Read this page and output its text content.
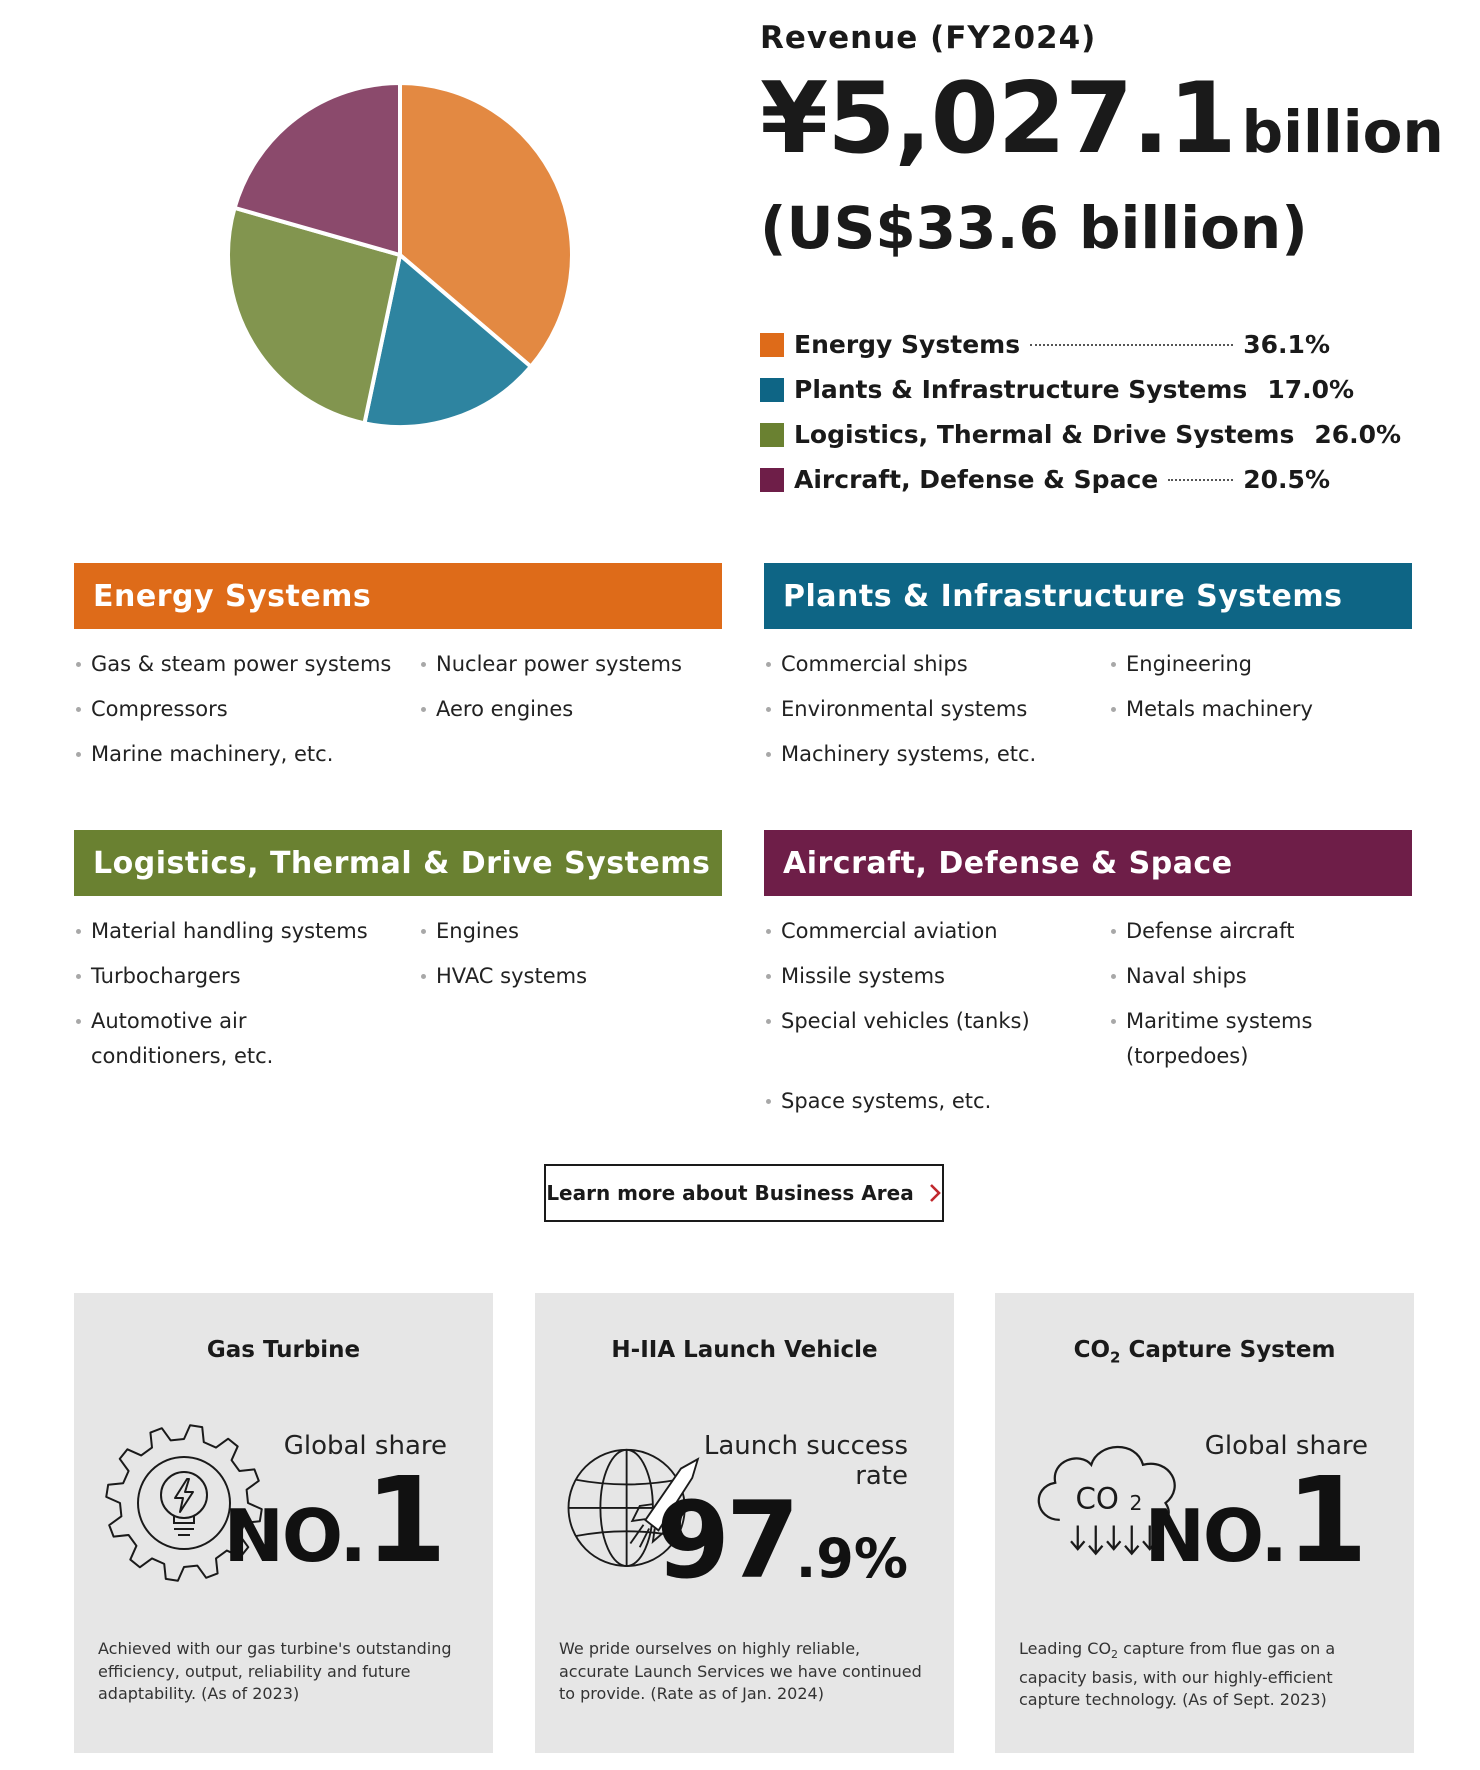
Revenue (FY2024)
¥5,027.1 billion
(US$33.6 billion)
Energy Systems	36.1%
Plants & Infrastructure Systems 17.0%
Logistics, Thermal & Drive Systems 26.0%
Aircraft, Defense & Space	20.5%
Energy Systems
Gas & steam power systems	Nuclear power systems
Compressors	Aero engines
Marine machinery, etc.
Plants & Infrastructure Systems
Commercial ships	Engineering
Environmental systems	Metals machinery
Machinery systems, etc.
Logistics, Thermal & Drive Systems
Material handling systems	Engines
Turbochargers	HVAC systems
Automotive air conditioners, etc.
Aircraft, Defense & Space
Commercial aviation	Defense aircraft
Missile systems	Naval ships
Special vehicles (tanks)	Maritime systems (torpedoes)
Space systems, etc.
Learn more about Business Area
Gas Turbine
Global share
NO.1
Achieved with our gas turbine's outstanding efficiency, output, reliability and future adaptability. (As of 2023)
H-IIA Launch Vehicle
Launch success
rate
97.9%
We pride ourselves on highly reliable, accurate Launch Services we have continued to provide. (Rate as of Jan. 2024)
$CO_2$ Capture System
CO 2
Global share
NO.1
Leading $CO_2$ capture from flue gas on a capacity basis, with our highly-efficient capture technology. (As of Sept. 2023)
